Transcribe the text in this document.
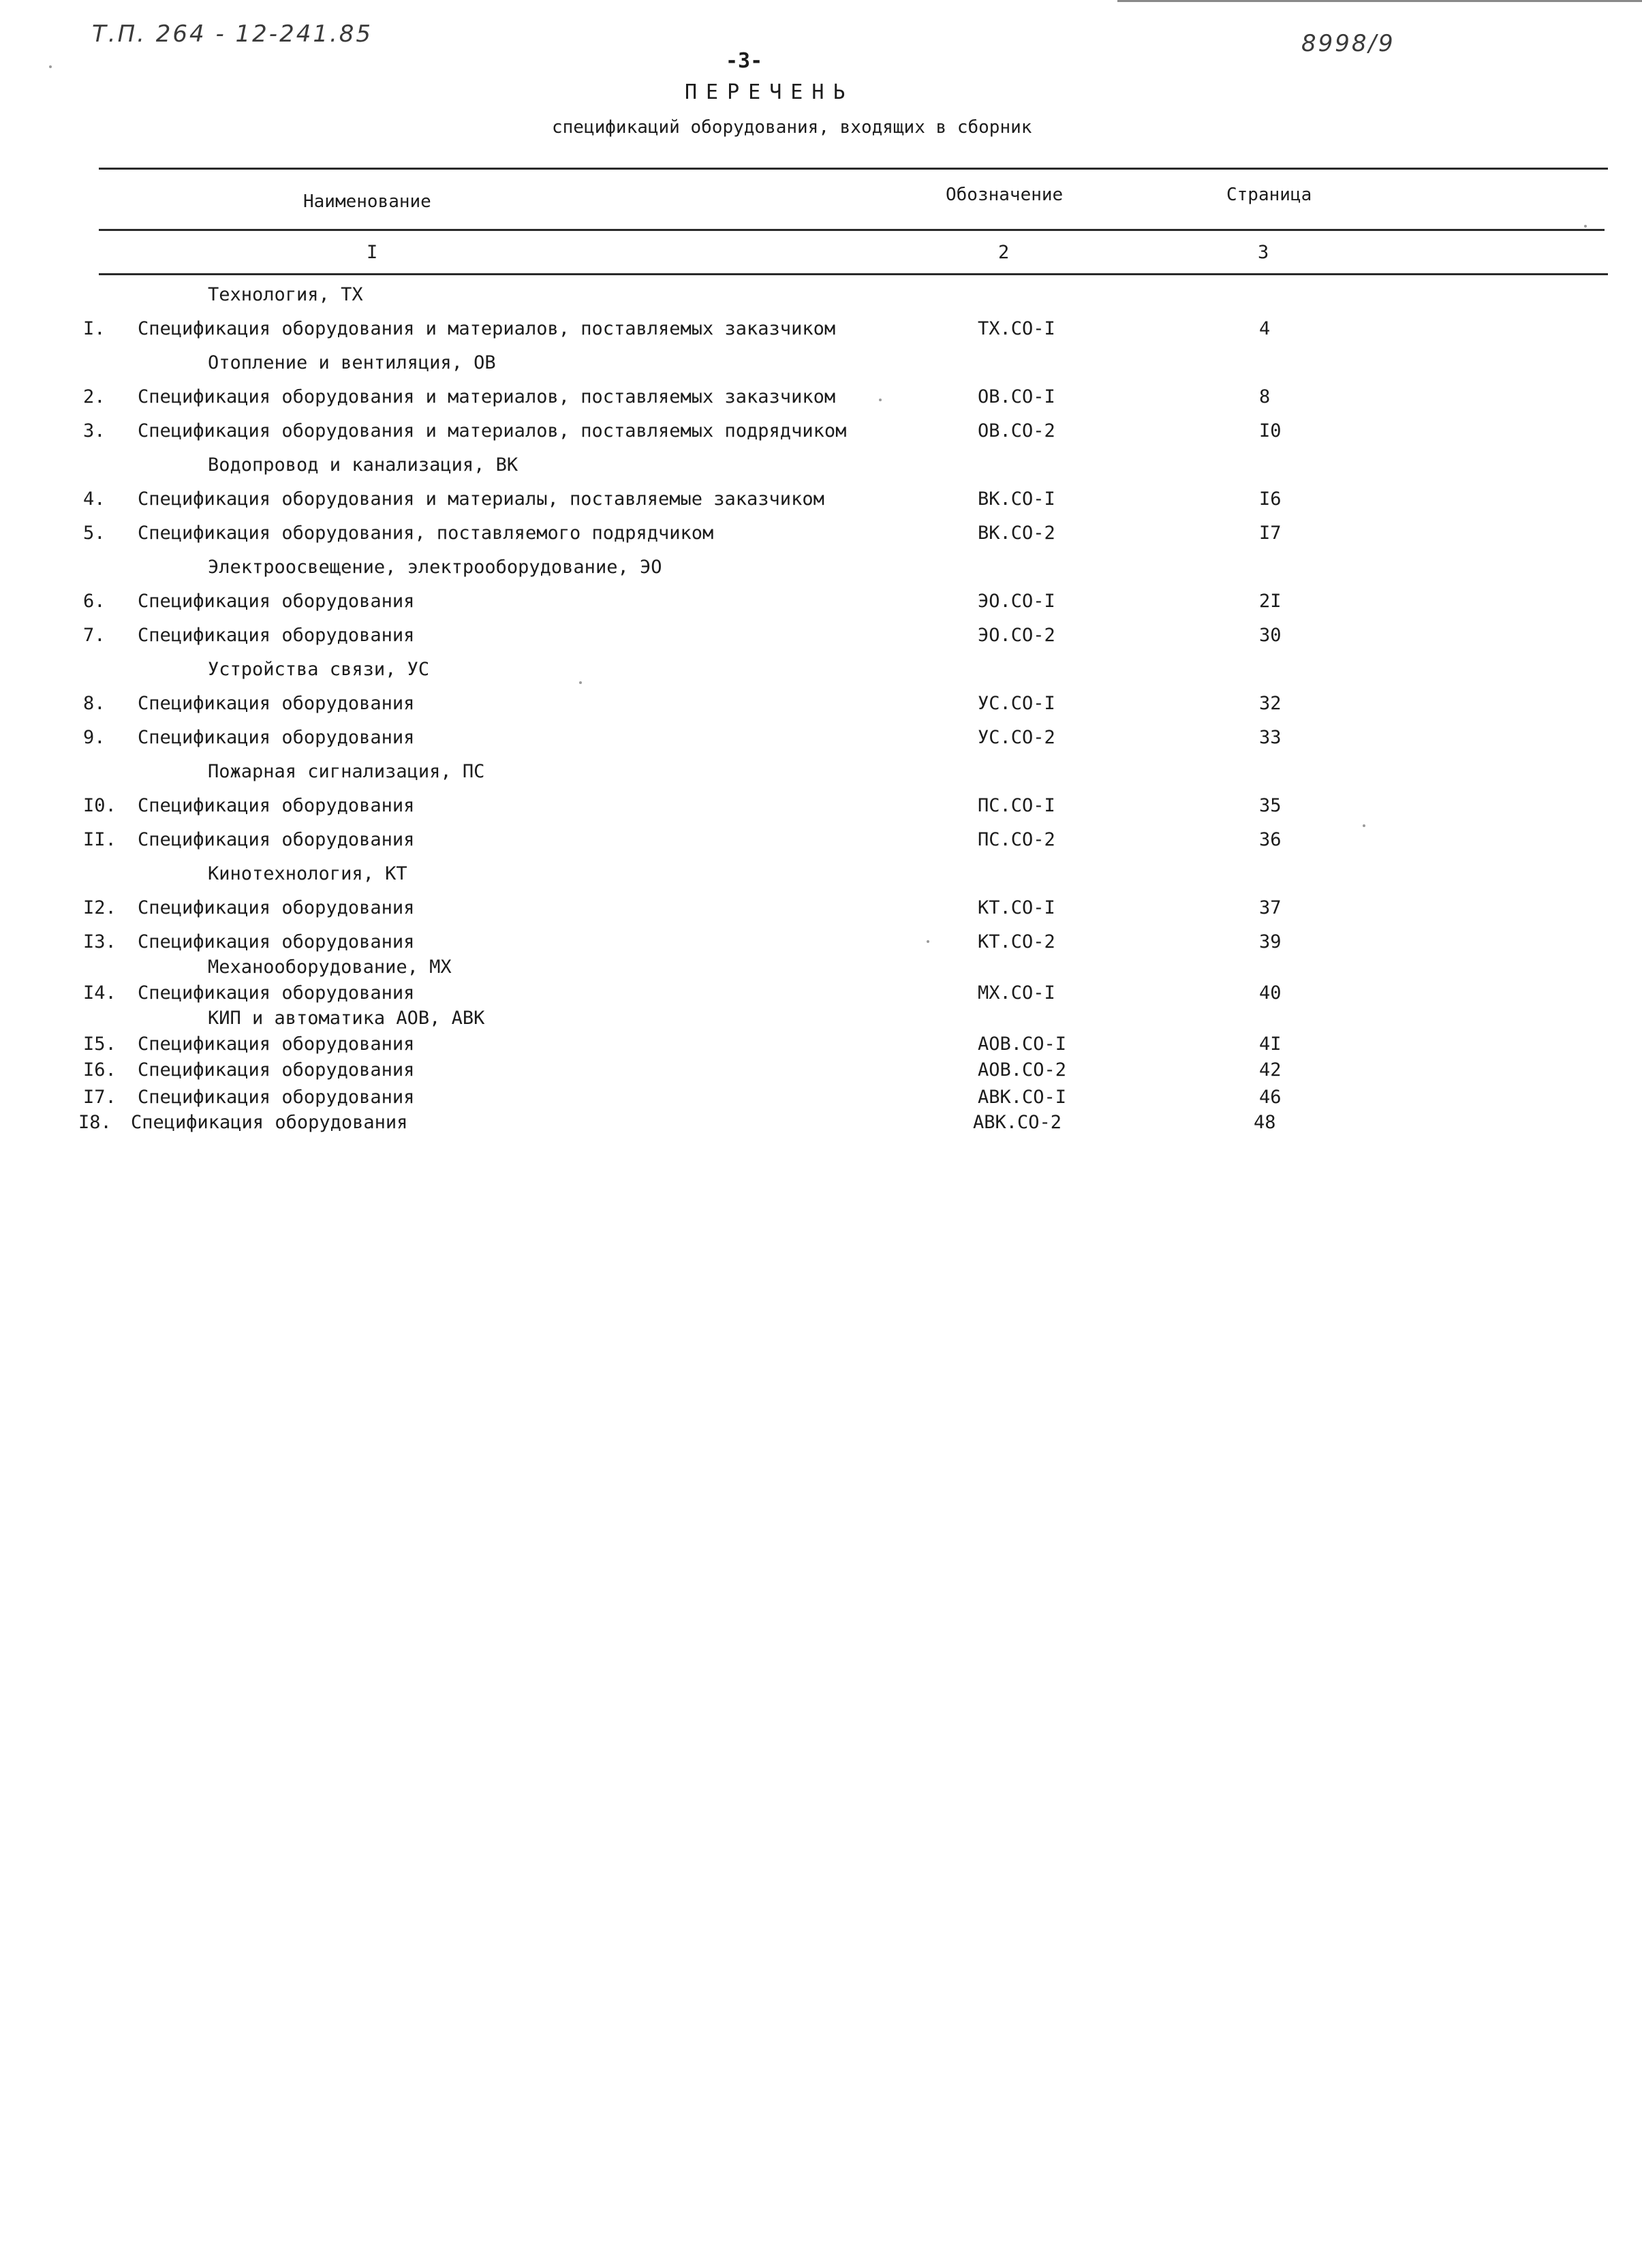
Т.П. 264 - 12-241.85	8998/9
-3-
ПЕРЕЧЕНЬ
спецификаций оборудования, входящих в сборник
Наименование	Обозначение	Страница
I	2	3
Технология, ТХ
I. Спецификация оборудования и материалов, поставляемых заказчиком	ТХ.СО-I	4
Отопление и вентиляция, ОВ
2. Спецификация оборудования и материалов, поставляемых заказчиком	ОВ.СО-I	8
3. Спецификация оборудования и материалов, поставляемых подрядчиком	ОВ.СО-2	I0
Водопровод и канализация, ВК
4. Спецификация оборудования и материалы, поставляемые заказчиком	ВК.СО-I	I6
5. Спецификация оборудования, поставляемого подрядчиком	ВК.СО-2	I7
Электроосвещение, электрооборудование, ЭО
6. Спецификация оборудования	ЭО.СО-I	2I
7. Спецификация оборудования	ЭО.СО-2	30
Устройства связи, УС
8. Спецификация оборудования	УС.СО-I	32
9. Спецификация оборудования	УС.СО-2	33
Пожарная сигнализация, ПС
I0. Спецификация оборудования	ПС.СО-I	35
II. Спецификация оборудования	ПС.СО-2	36
Кинотехнология, КТ
I2. Спецификация оборудования	КТ.СО-I	37
I3. Спецификация оборудования	КТ.СО-2	39
Механооборудование, МХ
I4. Спецификация оборудования	МХ.СО-I	40
КИП и автоматика АОВ, АВК
I5. Спецификация оборудования	АОВ.СО-I	4I
I6. Спецификация оборудования	АОВ.СО-2	42
I7. Спецификация оборудования	АВК.СО-I	46
I8. Спецификация оборудования	АВК.СО-2	48
